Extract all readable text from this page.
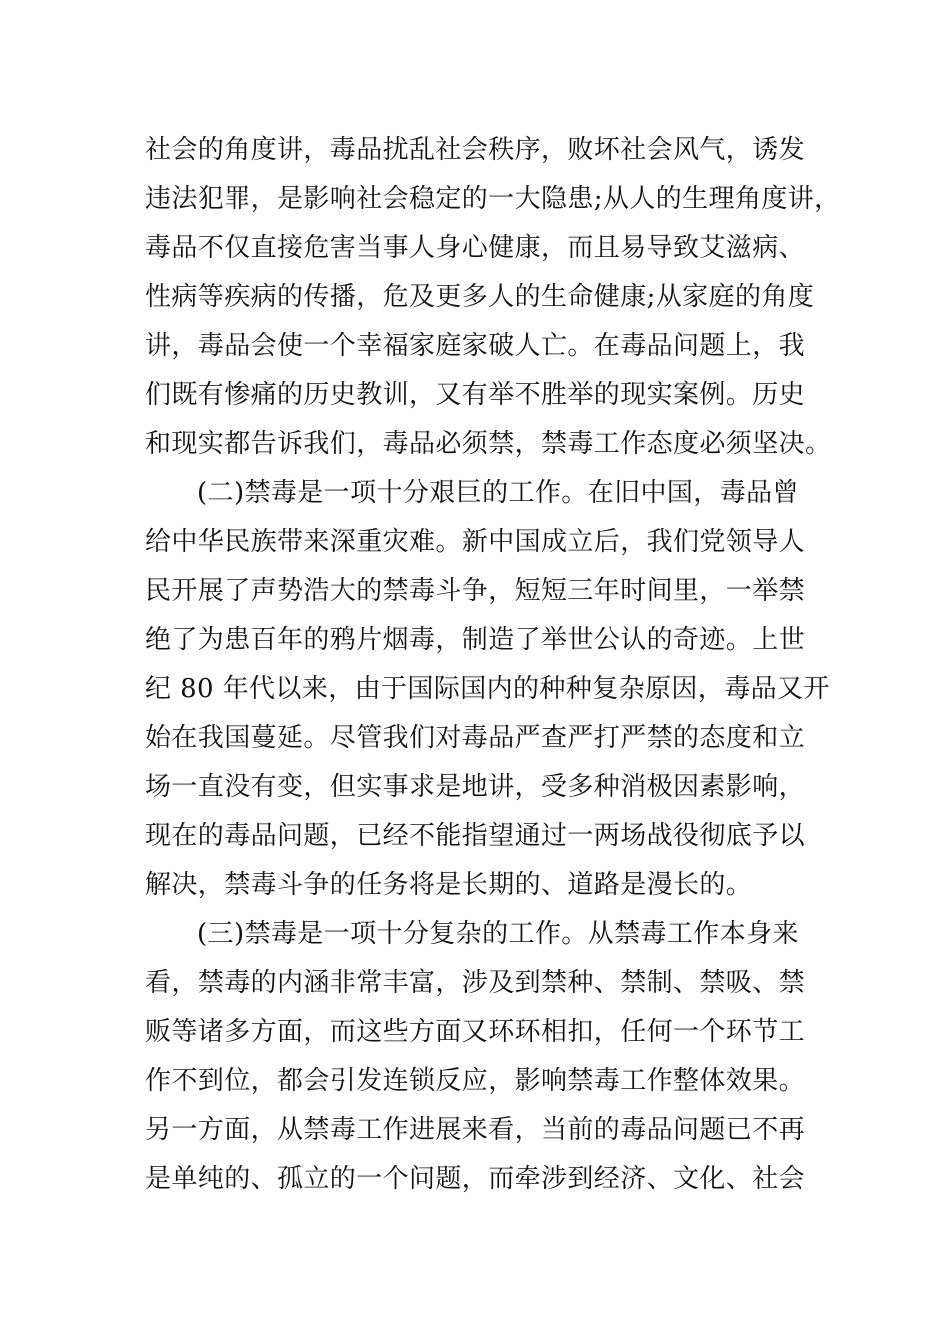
社会的角度讲，毒品扰乱社会秩序，败坏社会风气，诱发
违法犯罪，是影响社会稳定的一大隐患;从人的生理角度讲，
毒品不仅直接危害当事人身心健康，而且易导致艾滋病、
性病等疾病的传播，危及更多人的生命健康;从家庭的角度
讲，毒品会使一个幸福家庭家破人亡。在毒品问题上，我
们既有惨痛的历史教训，又有举不胜举的现实案例。历史
和现实都告诉我们，毒品必须禁，禁毒工作态度必须坚决。
(二)禁毒是一项十分艰巨的工作。在旧中国，毒品曾
给中华民族带来深重灾难。新中国成立后，我们党领导人
民开展了声势浩大的禁毒斗争，短短三年时间里，一举禁
绝了为患百年的鸦片烟毒，制造了举世公认的奇迹。上世
纪 80 年代以来，由于国际国内的种种复杂原因，毒品又开
始在我国蔓延。尽管我们对毒品严查严打严禁的态度和立
场一直没有变，但实事求是地讲，受多种消极因素影响，
现在的毒品问题，已经不能指望通过一两场战役彻底予以
解决，禁毒斗争的任务将是长期的、道路是漫长的。
(三)禁毒是一项十分复杂的工作。从禁毒工作本身来
看，禁毒的内涵非常丰富，涉及到禁种、禁制、禁吸、禁
贩等诸多方面，而这些方面又环环相扣，任何一个环节工
作不到位，都会引发连锁反应，影响禁毒工作整体效果。
另一方面，从禁毒工作进展来看，当前的毒品问题已不再
是单纯的、孤立的一个问题，而牵涉到经济、文化、社会
